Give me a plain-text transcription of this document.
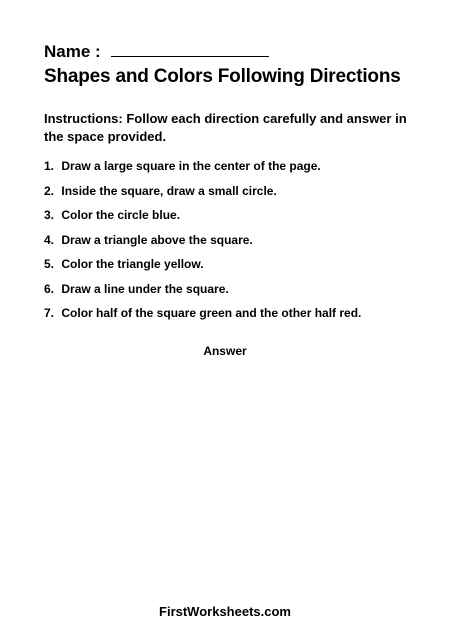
Name :
Shapes and Colors Following Directions
Instructions: Follow each direction carefully and answer in the space provided.
1. Draw a large square in the center of the page.
2. Inside the square, draw a small circle.
3. Color the circle blue.
4. Draw a triangle above the square.
5. Color the triangle yellow.
6. Draw a line under the square.
7. Color half of the square green and the other half red.
Answer
FirstWorksheets.com
